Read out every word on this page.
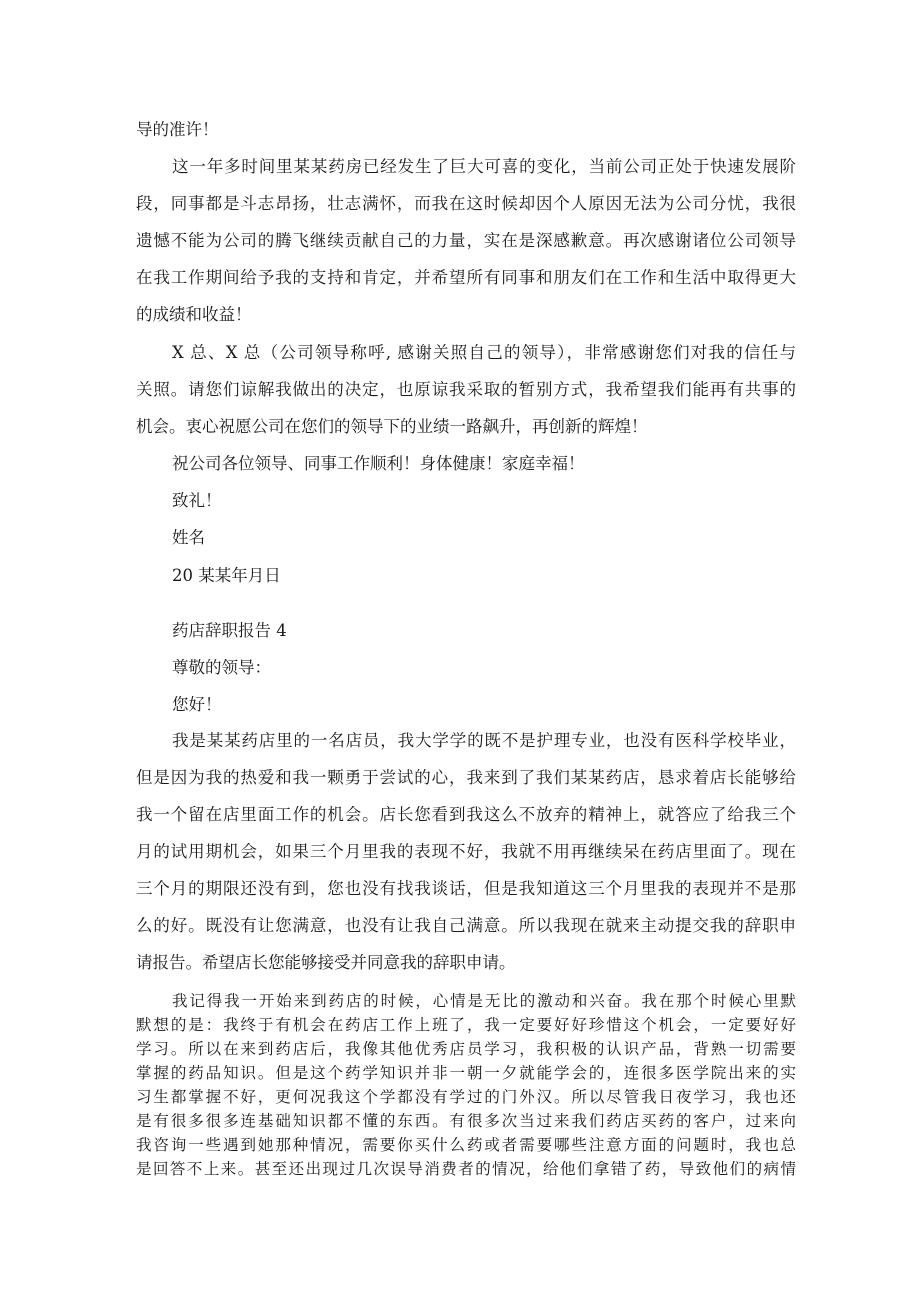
导的准许！
这一年多时间里某某药房已经发生了巨大可喜的变化，当前公司正处于快速发展阶
段，同事都是斗志昂扬，壮志满怀，而我在这时候却因个人原因无法为公司分忧，我很
遗憾不能为公司的腾飞继续贡献自己的力量，实在是深感歉意。再次感谢诸位公司领导
在我工作期间给予我的支持和肯定，并希望所有同事和朋友们在工作和生活中取得更大
的成绩和收益！
X 总、X 总（公司领导称呼, 感谢关照自己的领导），非常感谢您们对我的信任与
关照。请您们谅解我做出的决定，也原谅我采取的暂别方式，我希望我们能再有共事的
机会。衷心祝愿公司在您们的领导下的业绩一路飙升，再创新的辉煌！
祝公司各位领导、同事工作顺利！身体健康！家庭幸福！
致礼！
姓名
20 某某年月日
药店辞职报告 4
尊敬的领导：
您好！
我是某某药店里的一名店员，我大学学的既不是护理专业，也没有医科学校毕业，
但是因为我的热爱和我一颗勇于尝试的心，我来到了我们某某药店，恳求着店长能够给
我一个留在店里面工作的机会。店长您看到我这么不放弃的精神上，就答应了给我三个
月的试用期机会，如果三个月里我的表现不好，我就不用再继续呆在药店里面了。现在
三个月的期限还没有到，您也没有找我谈话，但是我知道这三个月里我的表现并不是那
么的好。既没有让您满意，也没有让我自己满意。所以我现在就来主动提交我的辞职申
请报告。希望店长您能够接受并同意我的辞职申请。
我记得我一开始来到药店的时候，心情是无比的激动和兴奋。我在那个时候心里默
默想的是：我终于有机会在药店工作上班了，我一定要好好珍惜这个机会，一定要好好
学习。所以在来到药店后，我像其他优秀店员学习，我积极的认识产品，背熟一切需要
掌握的药品知识。但是这个药学知识并非一朝一夕就能学会的，连很多医学院出来的实
习生都掌握不好，更何况我这个学都没有学过的门外汉。所以尽管我日夜学习，我也还
是有很多很多连基础知识都不懂的东西。有很多次当过来我们药店买药的客户，过来向
我咨询一些遇到她那种情况，需要你买什么药或者需要哪些注意方面的问题时，我也总
是回答不上来。甚至还出现过几次误导消费者的情况，给他们拿错了药，导致他们的病情
